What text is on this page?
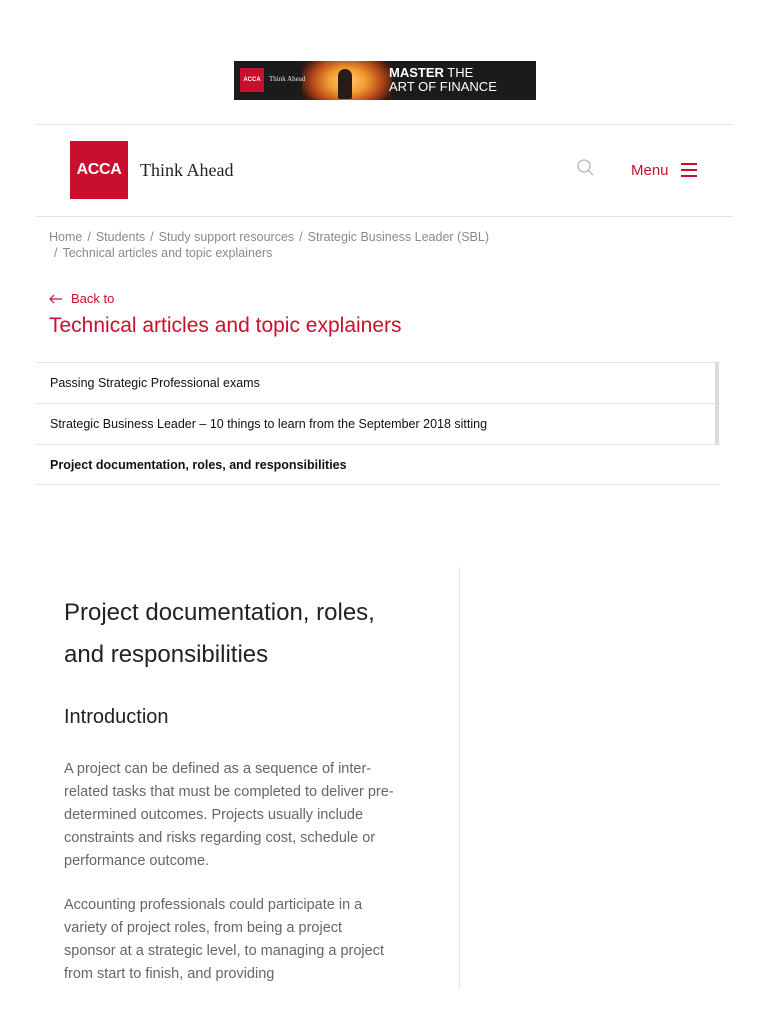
ACCA	Think Ahead	MASTER THE
ART OF FINANCE
ACCA	Think Ahead	Menu
Home / Students / Study support resources / Strategic Business Leader (SBL)
/ Technical articles and topic explainers
Back to
Technical articles and topic explainers
Passing Strategic Professional exams
Strategic Business Leader – 10 things to learn from the September 2018 sitting
Project documentation, roles, and responsibilities
Project documentation, roles, and responsibilities
Introduction

A project can be defined as a sequence of inter-related tasks that must be completed to deliver pre-determined outcomes. Projects usually include constraints and risks regarding cost, schedule or performance outcome.

Accounting professionals could participate in a variety of project roles, from being a project sponsor at a strategic level, to managing a project from start to finish, and providing
